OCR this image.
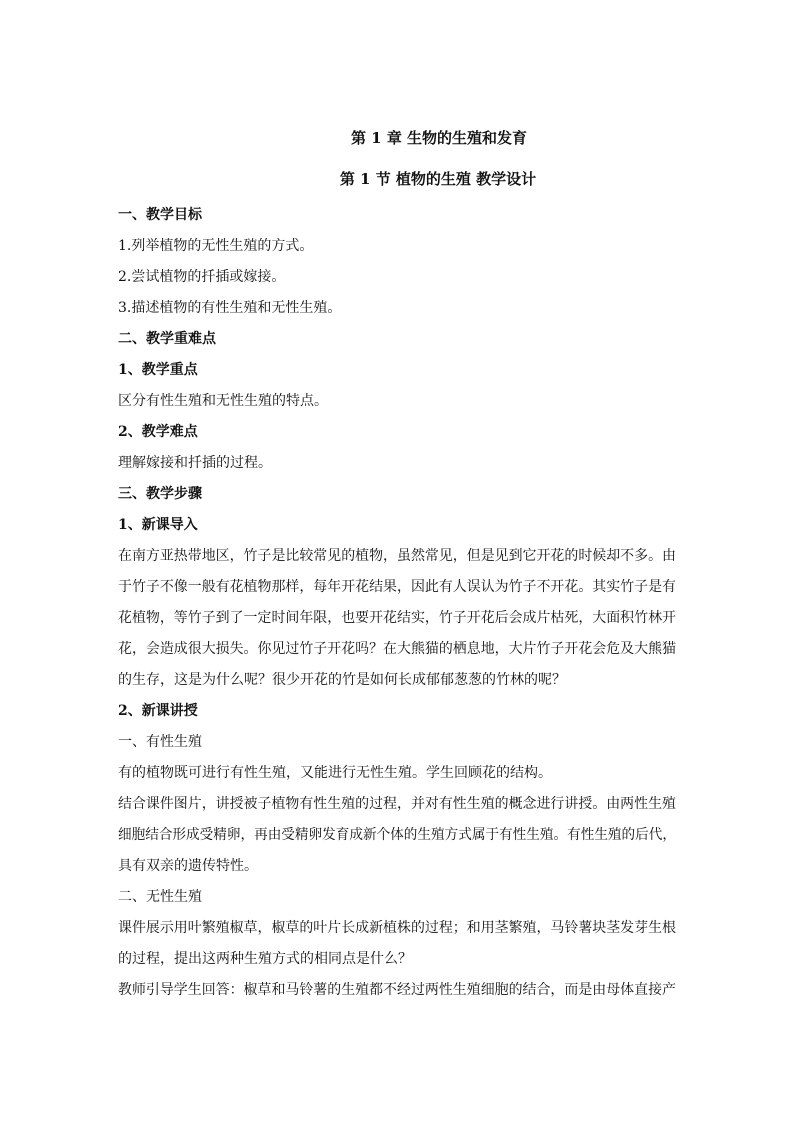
第 1 章 生物的生殖和发育
第 1 节 植物的生殖 教学设计
一、教学目标
1.列举植物的无性生殖的方式。
2.尝试植物的扦插或嫁接。
3.描述植物的有性生殖和无性生殖。
二、教学重难点
1、教学重点
区分有性生殖和无性生殖的特点。
2、教学难点
理解嫁接和扦插的过程。
三、教学步骤
1、新课导入
在南方亚热带地区，竹子是比较常见的植物，虽然常见，但是见到它开花的时候却不多。由
于竹子不像一般有花植物那样，每年开花结果，因此有人误认为竹子不开花。其实竹子是有
花植物，等竹子到了一定时间年限，也要开花结实，竹子开花后会成片枯死，大面积竹林开
花，会造成很大损失。你见过竹子开花吗？在大熊猫的栖息地，大片竹子开花会危及大熊猫
的生存，这是为什么呢？很少开花的竹是如何长成郁郁葱葱的竹林的呢？
2、新课讲授
一、有性生殖
有的植物既可进行有性生殖，又能进行无性生殖。学生回顾花的结构。
结合课件图片，讲授被子植物有性生殖的过程，并对有性生殖的概念进行讲授。由两性生殖
细胞结合形成受精卵，再由受精卵发育成新个体的生殖方式属于有性生殖。有性生殖的后代，
具有双亲的遗传特性。
二、无性生殖
课件展示用叶繁殖椒草，椒草的叶片长成新植株的过程；和用茎繁殖，马铃薯块茎发芽生根
的过程，提出这两种生殖方式的相同点是什么？
教师引导学生回答：椒草和马铃薯的生殖都不经过两性生殖细胞的结合，而是由母体直接产
